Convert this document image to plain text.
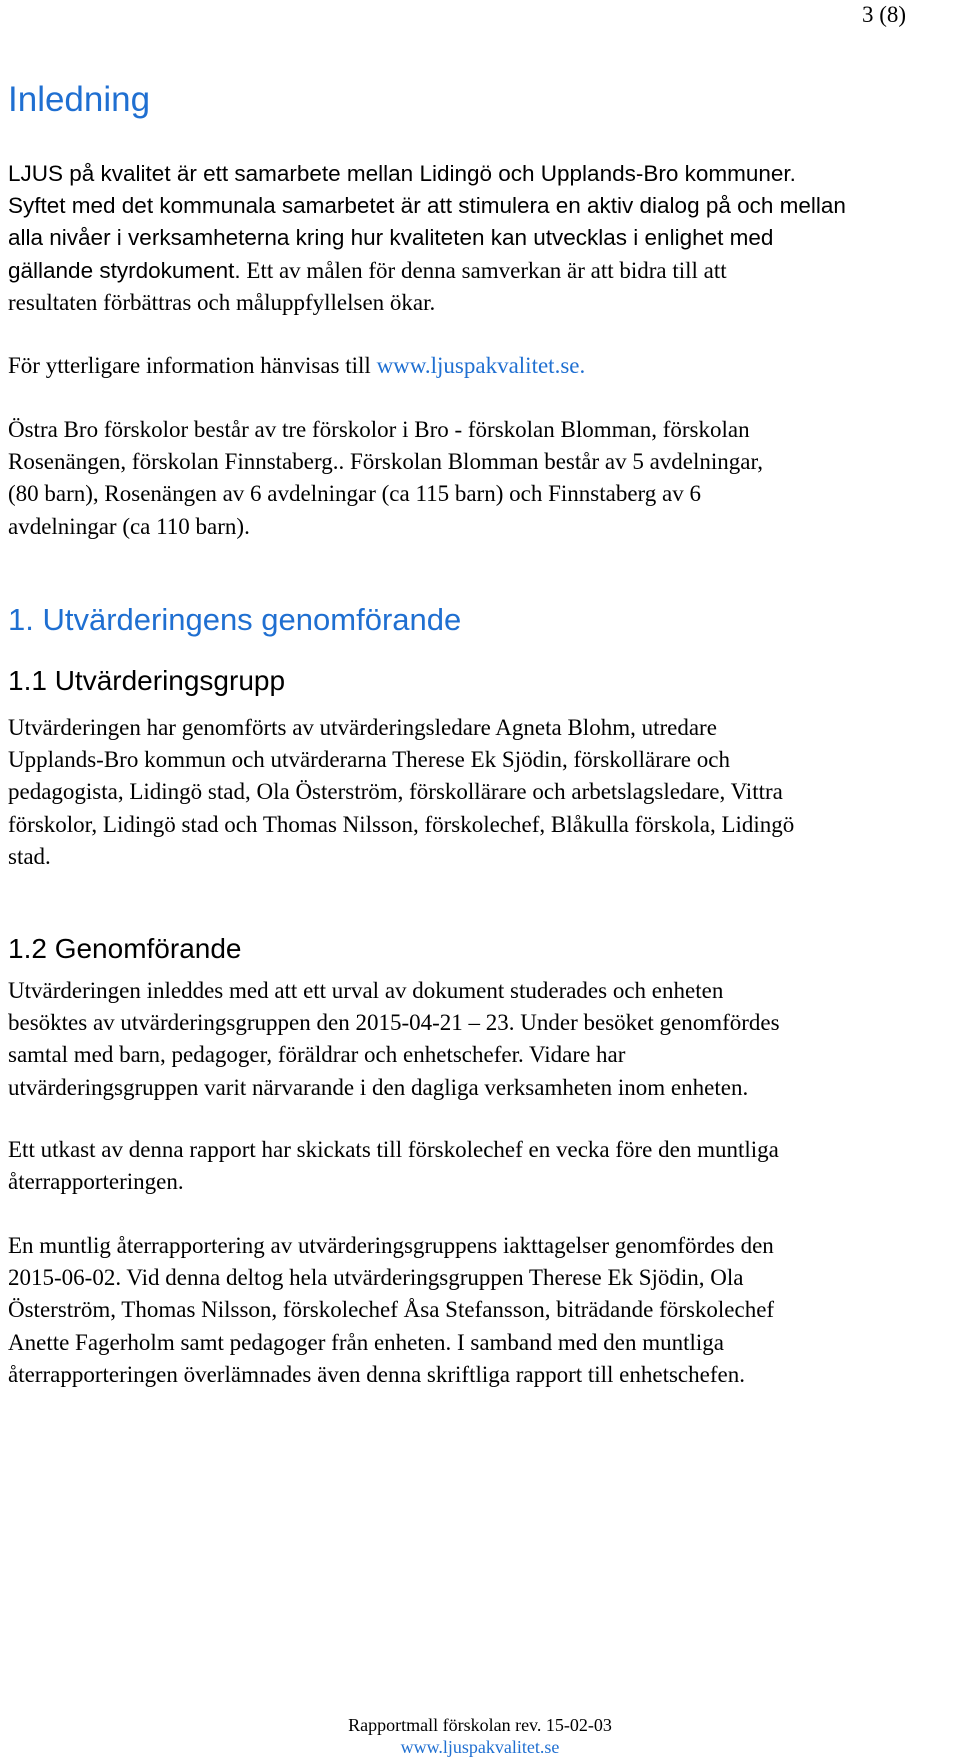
3 (8)
Inledning
LJUS på kvalitet är ett samarbete mellan Lidingö och Upplands-Bro kommuner.
Syftet med det kommunala samarbetet är att stimulera en aktiv dialog på och mellan
alla nivåer i verksamheterna kring hur kvaliteten kan utvecklas i enlighet med
gällande styrdokument. Ett av målen för denna samverkan är att bidra till att
resultaten förbättras och måluppfyllelsen ökar.
För ytterligare information hänvisas till www.ljuspakvalitet.se.
Östra Bro förskolor består av tre förskolor i Bro - förskolan Blomman, förskolan
Rosenängen, förskolan Finnstaberg.. Förskolan Blomman består av 5 avdelningar,
(80 barn), Rosenängen av 6 avdelningar (ca 115 barn) och Finnstaberg av 6
avdelningar (ca 110 barn).
1. Utvärderingens genomförande
1.1 Utvärderingsgrupp
Utvärderingen har genomförts av utvärderingsledare Agneta Blohm, utredare
Upplands-Bro kommun och utvärderarna Therese Ek Sjödin, förskollärare och
pedagogista, Lidingö stad, Ola Österström, förskollärare och arbetslagsledare, Vittra
förskolor, Lidingö stad och Thomas Nilsson, förskolechef, Blåkulla förskola, Lidingö
stad.
1.2 Genomförande
Utvärderingen inleddes med att ett urval av dokument studerades och enheten
besöktes av utvärderingsgruppen den 2015-04-21 – 23. Under besöket genomfördes
samtal med barn, pedagoger, föräldrar och enhetschefer. Vidare har
utvärderingsgruppen varit närvarande i den dagliga verksamheten inom enheten.
Ett utkast av denna rapport har skickats till förskolechef en vecka före den muntliga
återrapporteringen.
En muntlig återrapportering av utvärderingsgruppens iakttagelser genomfördes den
2015-06-02. Vid denna deltog hela utvärderingsgruppen Therese Ek Sjödin, Ola
Österström, Thomas Nilsson, förskolechef Åsa Stefansson, biträdande förskolechef
Anette Fagerholm samt pedagoger från enheten. I samband med den muntliga
återrapporteringen överlämnades även denna skriftliga rapport till enhetschefen.
Rapportmall förskolan rev. 15-02-03
www.ljuspakvalitet.se
